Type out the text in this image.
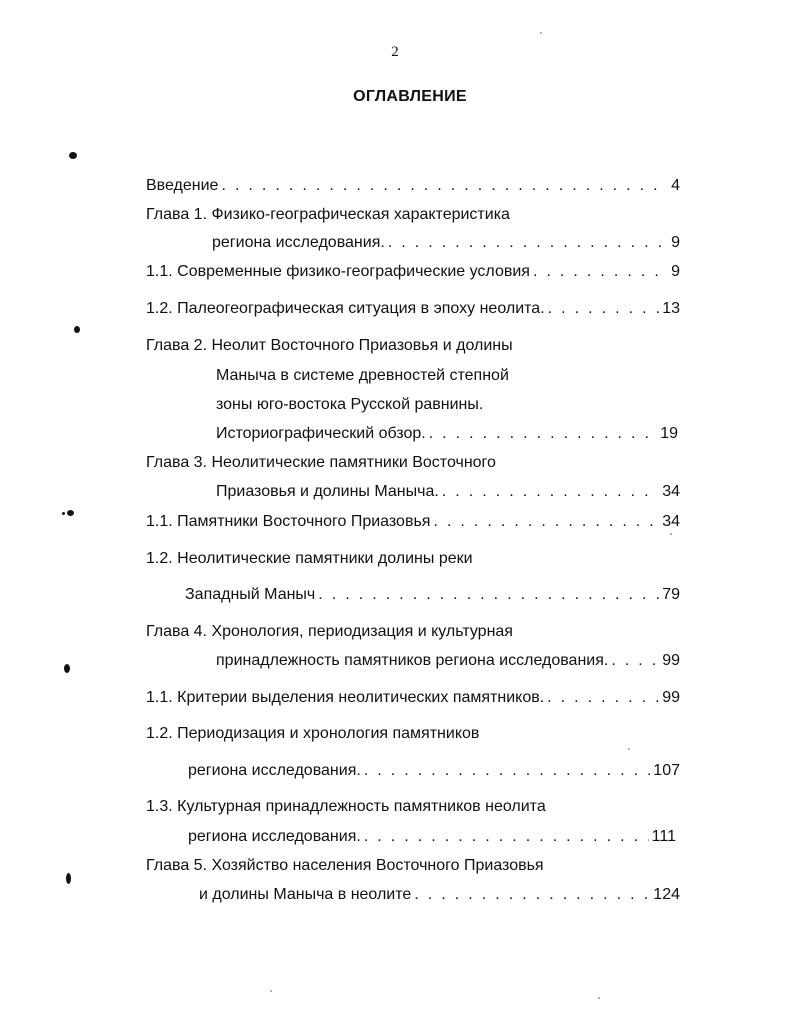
2
ОГЛАВЛЕНИЕ
Введение . . .	4
Глава 1. Физико-географическая характеристика
региона исследования. . . .	9
1.1. Современные физико-географические условия . . .	9
1.2. Палеогеографическая ситуация в эпоху неолита. . . .	13
Глава 2. Неолит Восточного Приазовья и долины
Маныча в системе древностей степной
зоны юго-востока Русской равнины.
Историографический обзор. . . .	19
Глава 3. Неолитические памятники Восточного
Приазовья и долины Маныча. . . .	34
1.1. Памятники Восточного Приазовья . . .	34
1.2. Неолитические памятники долины реки
Западный Маныч . . .	79
Глава 4. Хронология, периодизация и культурная
принадлежность памятников региона исследования. . . .	99
1.1. Критерии выделения неолитических памятников. . . .	99
1.2. Периодизация и хронология памятников
региона исследования. . . .	107
1.3. Культурная принадлежность памятников неолита
региона исследования. . . .	111
Глава 5. Хозяйство населения Восточного Приазовья
и долины Маныча в неолите . . .	124
